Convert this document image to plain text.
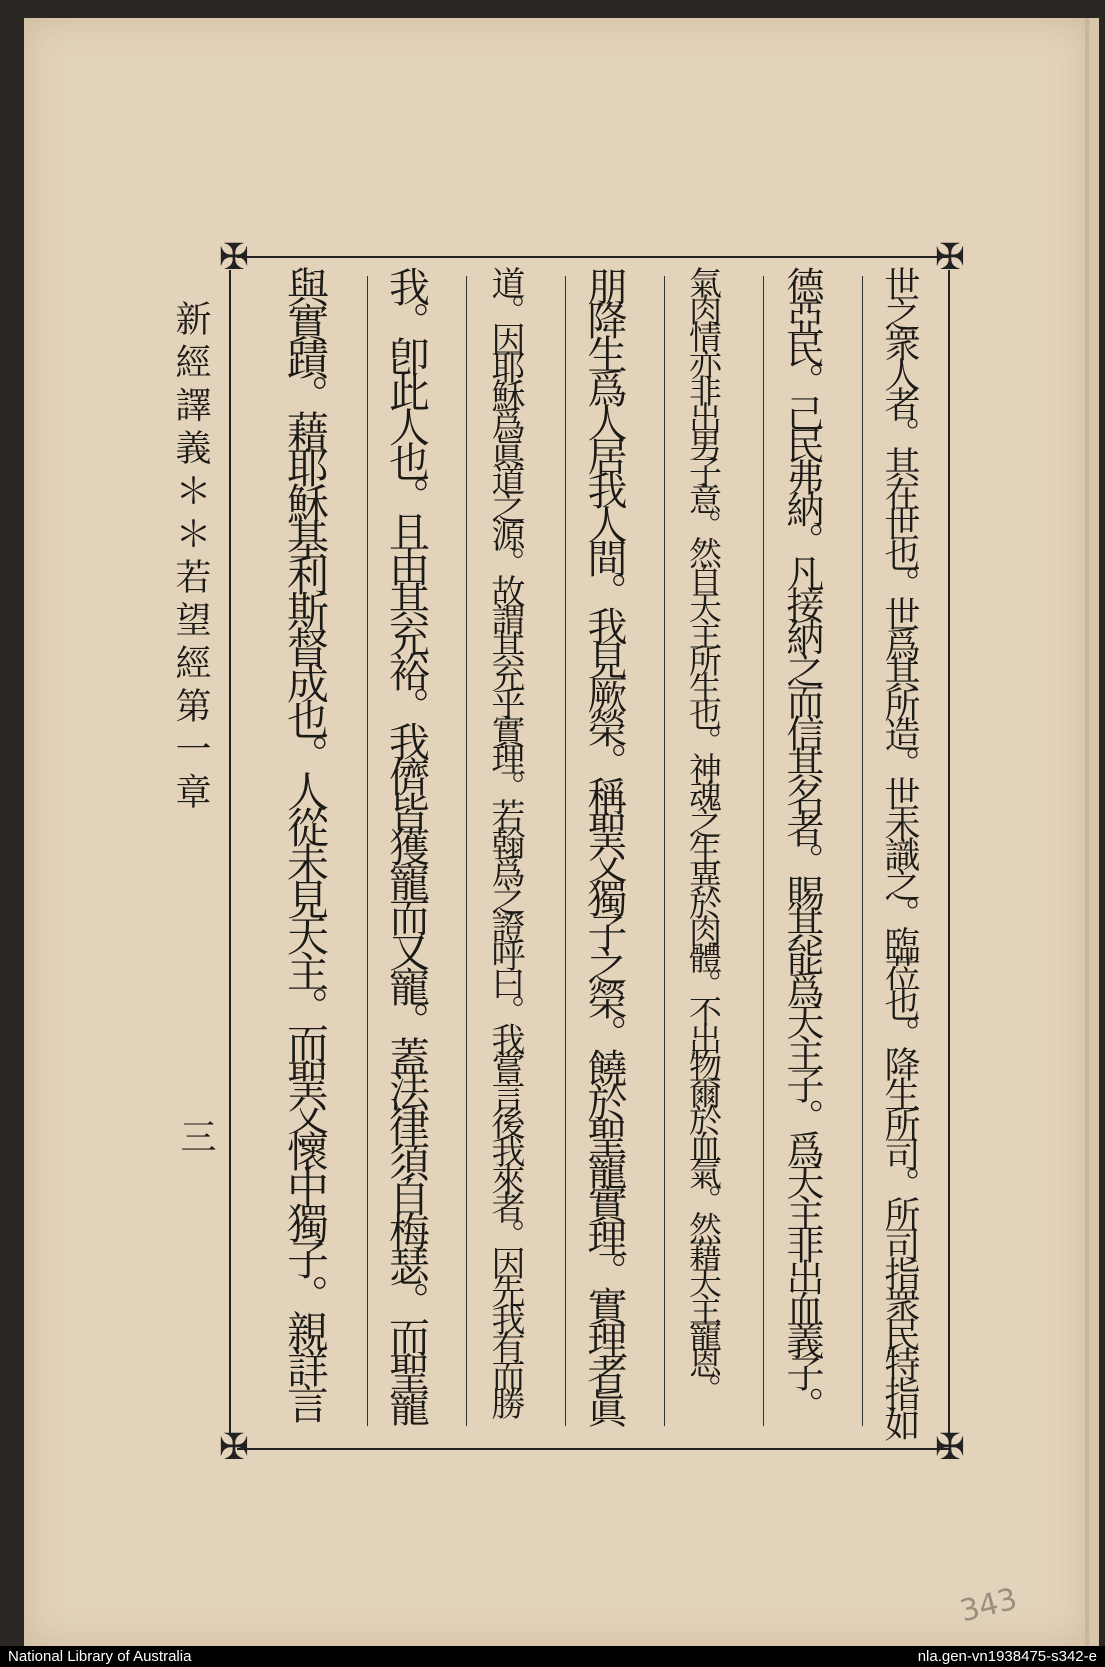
✠	✠
✠	✠
世之衆人者。其在世也。世爲其所造。世未識之。臨莅也。降生所司。所司指衆民特指如
德亞民。己民弗納。凡接納之而信其名者。賜其能爲天主子。爲天主非出血義子。
氣肉情亦非出男子意。然自天主所生也。神魂之生異於肉體。不出物爾於血氣。然藉天主寵恩。
朋降生爲人居我人間。我見厥榮。稱聖父獨子之榮。饒於聖寵實理。實理者眞
道。因耶穌爲眞道之源。故謂其充乎實理。若翰爲之證呼曰。我嘗言後我來者。因先我有而勝
我。卽此人也。且由其充裕。我儕皆獲寵而又寵。蓋法律須自梅瑟。而聖寵
與實蹟。藉耶穌基利斯督成也。人從未見天主。而聖父懷中獨子。親詳言
新經譯義＊＊若望經第一章
三
343
National Library of Australia	nla.gen-vn1938475-s342-e
